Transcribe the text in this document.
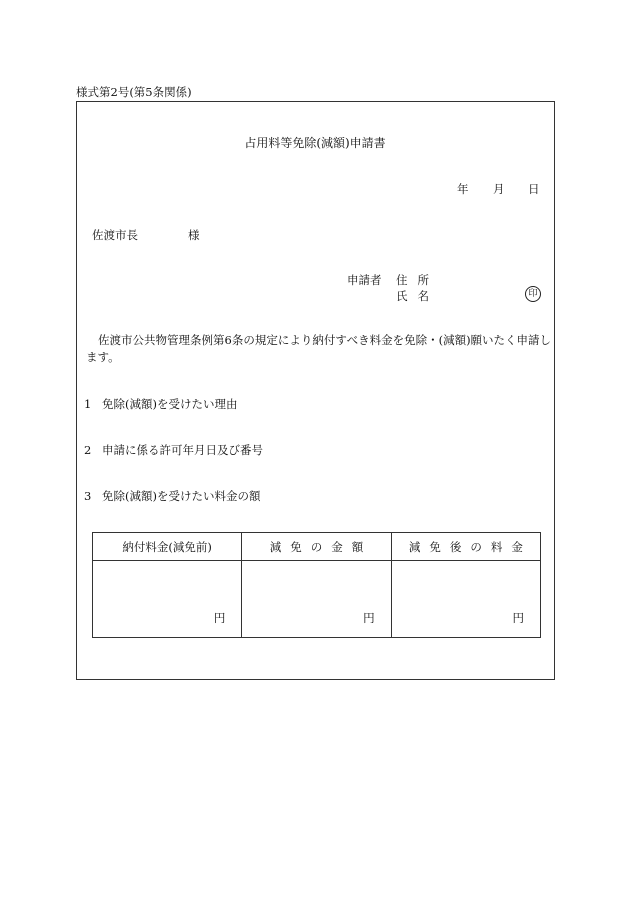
様式第2号(第5条関係)
占用料等免除(減額)申請書
年 月 日
佐渡市長	様
申請者 住所
氏名	印
佐渡市公共物管理条例第6条の規定により納付すべき料金を免除・(減額)願いたく申請します。
1 免除(減額)を受けたい理由
2 申請に係る許可年月日及び番号
3 免除(減額)を受けたい料金の額
納付料金(減免前)	減免の金額	減免後の料金
円	円	円
